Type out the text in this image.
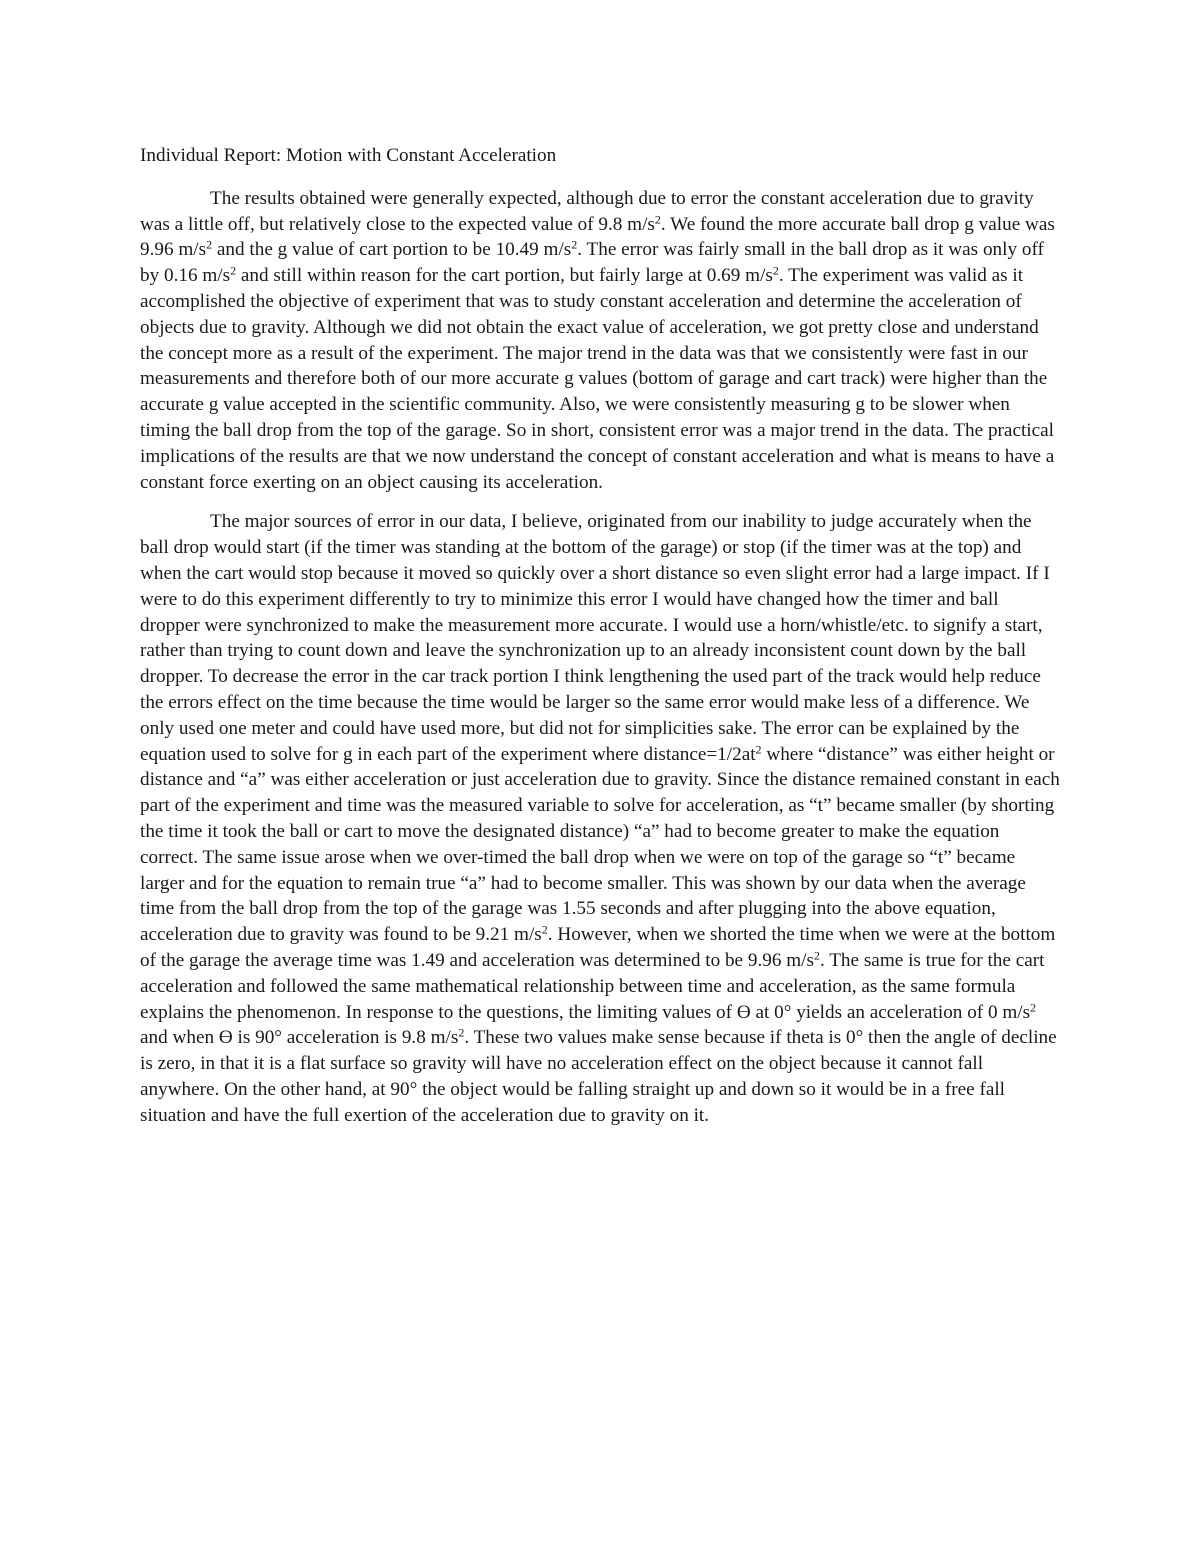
Individual Report: Motion with Constant Acceleration

The results obtained were generally expected, although due to error the constant acceleration due to gravity was a little off, but relatively close to the expected value of 9.8 $m/s^2$. We found the more accurate ball drop g value was 9.96 $m/s^2$ and the g value of cart portion to be 10.49 $m/s^2$. The error was fairly small in the ball drop as it was only off by 0.16 $m/s^2$ and still within reason for the cart portion, but fairly large at 0.69 $m/s^2$. The experiment was valid as it accomplished the objective of experiment that was to study constant acceleration and determine the acceleration of objects due to gravity. Although we did not obtain the exact value of acceleration, we got pretty close and understand the concept more as a result of the experiment. The major trend in the data was that we consistently were fast in our measurements and therefore both of our more accurate g values (bottom of garage and cart track) were higher than the accurate g value accepted in the scientific community. Also, we were consistently measuring g to be slower when timing the ball drop from the top of the garage. So in short, consistent error was a major trend in the data. The practical implications of the results are that we now understand the concept of constant acceleration and what is means to have a constant force exerting on an object causing its acceleration.

The major sources of error in our data, I believe, originated from our inability to judge accurately when the ball drop would start (if the timer was standing at the bottom of the garage) or stop (if the timer was at the top) and when the cart would stop because it moved so quickly over a short distance so even slight error had a large impact. If I were to do this experiment differently to try to minimize this error I would have changed how the timer and ball dropper were synchronized to make the measurement more accurate. I would use a horn/whistle/etc. to signify a start, rather than trying to count down and leave the synchronization up to an already inconsistent count down by the ball dropper. To decrease the error in the car track portion I think lengthening the used part of the track would help reduce the errors effect on the time because the time would be larger so the same error would make less of a difference. We only used one meter and could have used more, but did not for simplicities sake. The error can be explained by the equation used to solve for g in each part of the experiment where $distance=1/2at^2$ where “distance” was either height or distance and “a” was either acceleration or just acceleration due to gravity. Since the distance remained constant in each part of the experiment and time was the measured variable to solve for acceleration, as “t” became smaller (by shorting the time it took the ball or cart to move the designated distance) “a” had to become greater to make the equation correct. The same issue arose when we over-timed the ball drop when we were on top of the garage so “t” became larger and for the equation to remain true “a” had to become smaller. This was shown by our data when the average time from the ball drop from the top of the garage was 1.55 seconds and after plugging into the above equation, acceleration due to gravity was found to be 9.21 $m/s^2$. However, when we shorted the time when we were at the bottom of the garage the average time was 1.49 and acceleration was determined to be 9.96 $m/s^2$. The same is true for the cart acceleration and followed the same mathematical relationship between time and acceleration, as the same formula explains the phenomenon. In response to the questions, the limiting values of ϴ at 0° yields an acceleration of 0 $m/s^2$ and when ϴ is 90° acceleration is 9.8 $m/s^2$. These two values make sense because if theta is 0° then the angle of decline is zero, in that it is a flat surface so gravity will have no acceleration effect on the object because it cannot fall anywhere. On the other hand, at 90° the object would be falling straight up and down so it would be in a free fall situation and have the full exertion of the acceleration due to gravity on it.
